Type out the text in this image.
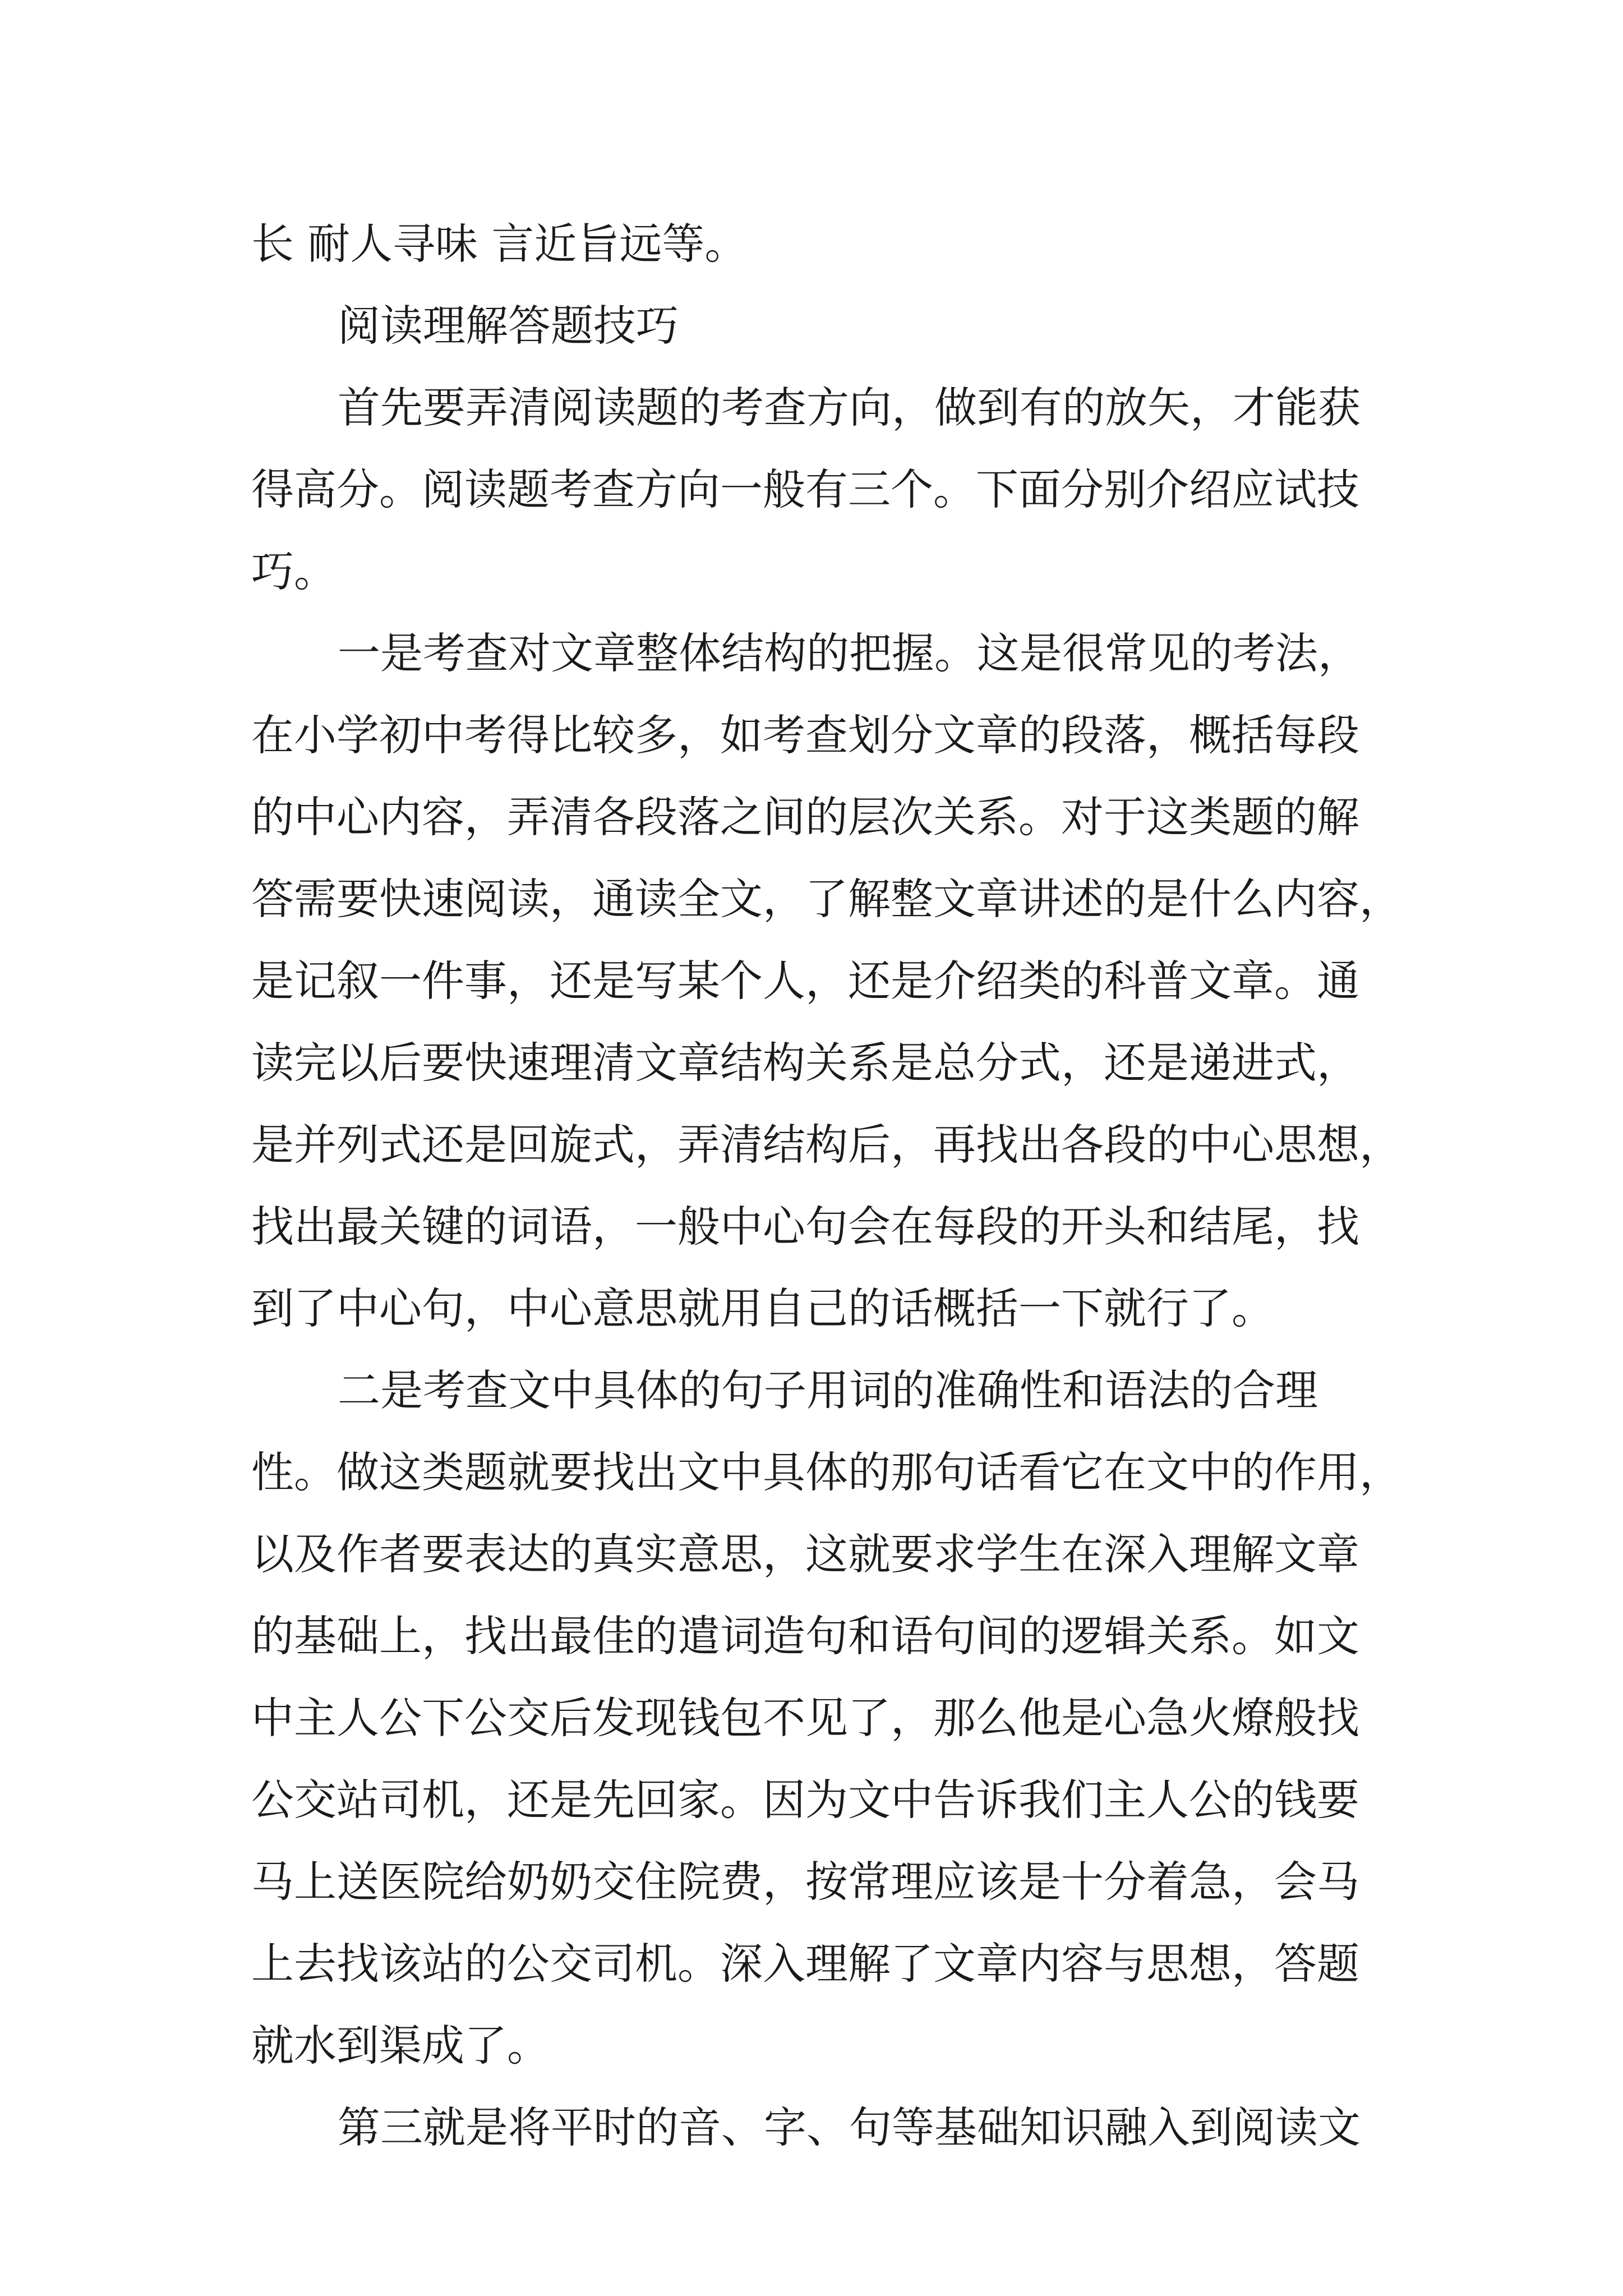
长 耐人寻味 言近旨远等。
阅读理解答题技巧
首先要弄清阅读题的考查方向，做到有的放矢，才能获
得高分。阅读题考查方向一般有三个。下面分别介绍应试技
巧。
一是考查对文章整体结构的把握。这是很常见的考法，
在小学初中考得比较多，如考查划分文章的段落，概括每段
的中心内容，弄清各段落之间的层次关系。对于这类题的解
答需要快速阅读，通读全文，了解整文章讲述的是什么内容，
是记叙一件事，还是写某个人，还是介绍类的科普文章。通
读完以后要快速理清文章结构关系是总分式，还是递进式，
是并列式还是回旋式，弄清结构后，再找出各段的中心思想，
找出最关键的词语，一般中心句会在每段的开头和结尾，找
到了中心句，中心意思就用自己的话概括一下就行了。
二是考查文中具体的句子用词的准确性和语法的合理
性。做这类题就要找出文中具体的那句话看它在文中的作用，
以及作者要表达的真实意思，这就要求学生在深入理解文章
的基础上，找出最佳的遣词造句和语句间的逻辑关系。如文
中主人公下公交后发现钱包不见了，那么他是心急火燎般找
公交站司机，还是先回家。因为文中告诉我们主人公的钱要
马上送医院给奶奶交住院费，按常理应该是十分着急，会马
上去找该站的公交司机。深入理解了文章内容与思想，答题
就水到渠成了。
第三就是将平时的音、字、句等基础知识融入到阅读文
